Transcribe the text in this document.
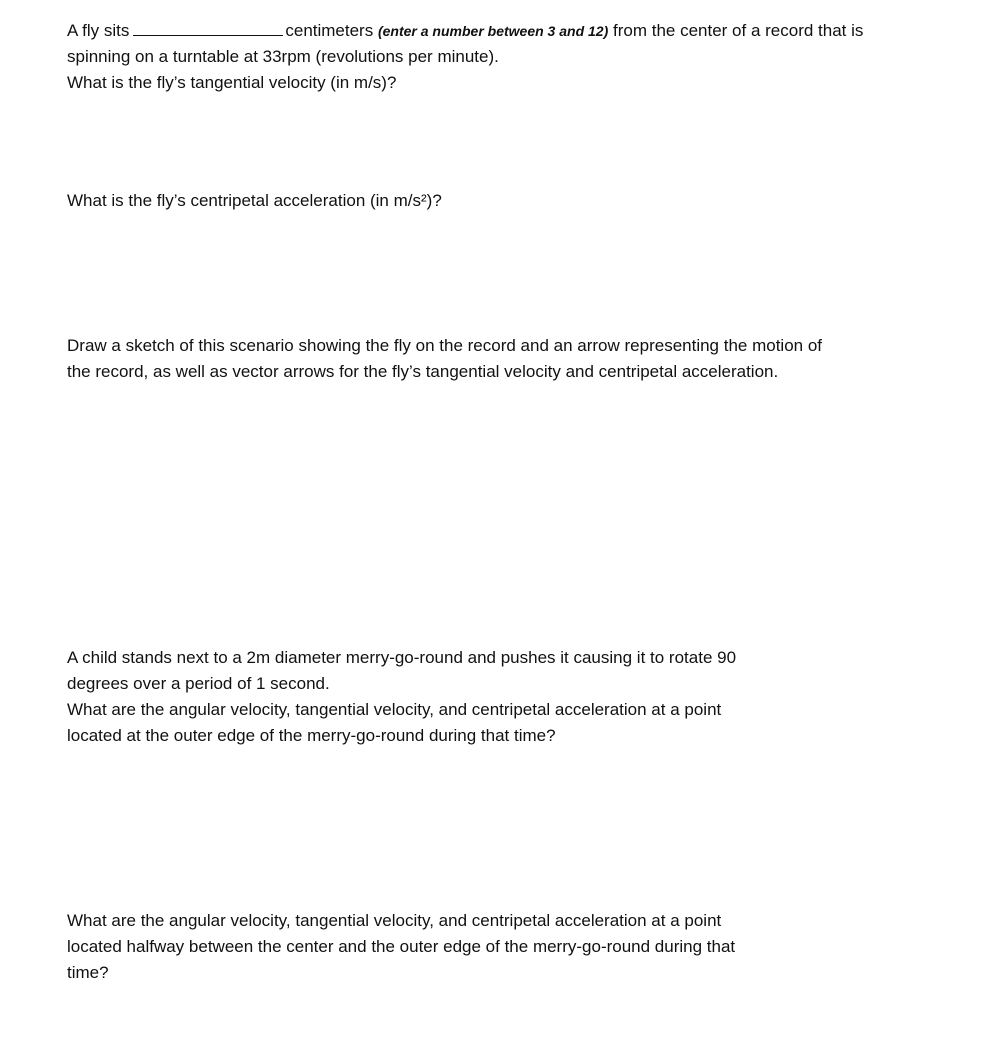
A fly sits	centimeters (enter a number between 3 and 12) from the center of a record that is
spinning on a turntable at 33rpm (revolutions per minute).
What is the fly’s tangential velocity (in m/s)?
What is the fly’s centripetal acceleration (in m/s²)?
Draw a sketch of this scenario showing the fly on the record and an arrow representing the motion of
the record, as well as vector arrows for the fly’s tangential velocity and centripetal acceleration.
A child stands next to a 2m diameter merry-go-round and pushes it causing it to rotate 90
degrees over a period of 1 second.
What are the angular velocity, tangential velocity, and centripetal acceleration at a point
located at the outer edge of the merry-go-round during that time?
What are the angular velocity, tangential velocity, and centripetal acceleration at a point
located halfway between the center and the outer edge of the merry-go-round during that
time?
